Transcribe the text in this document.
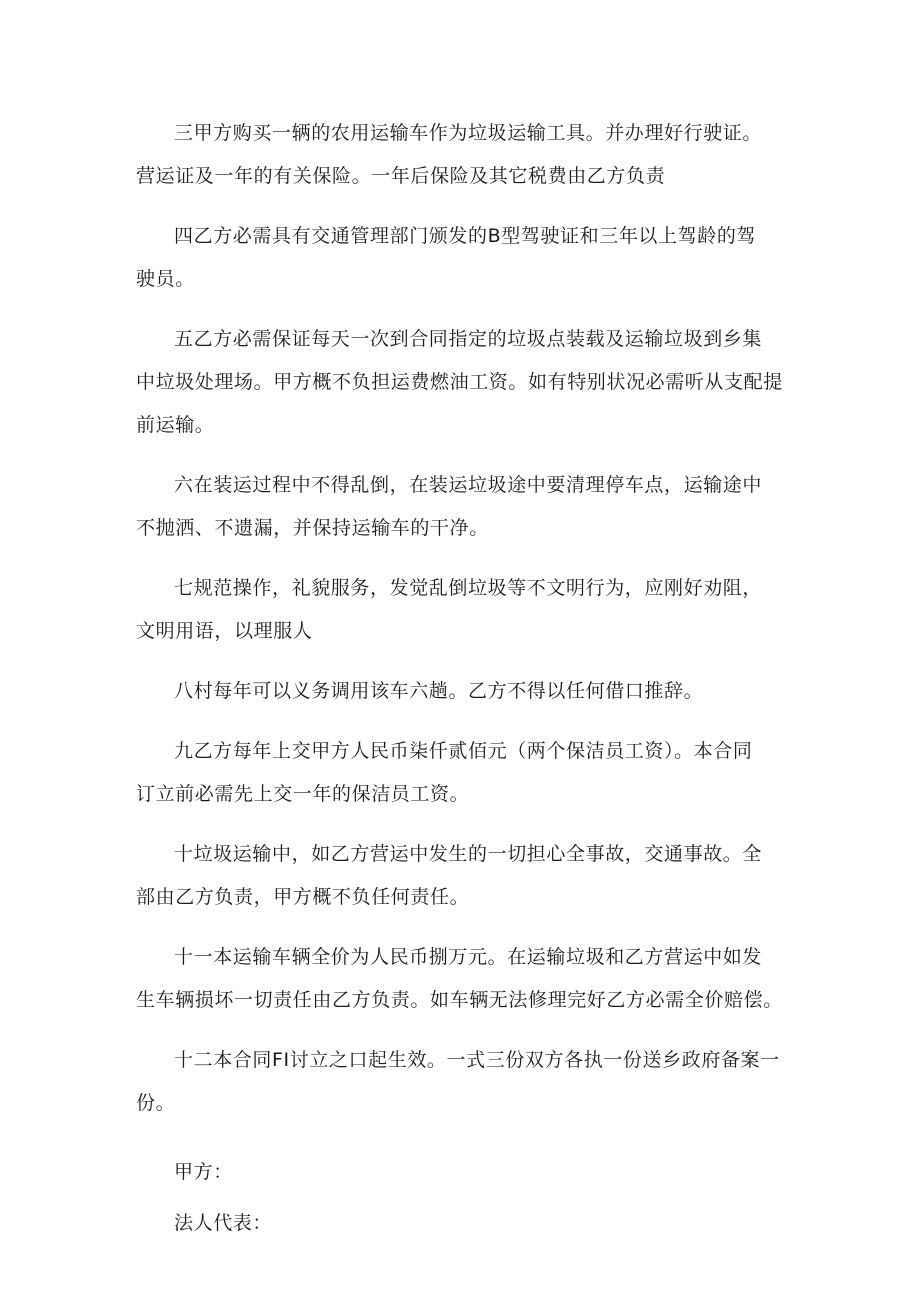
三甲方购买一辆的农用运输车作为垃圾运输工具。并办理好行驶证。
营运证及一年的有关保险。一年后保险及其它税费由乙方负责
四乙方必需具有交通管理部门颁发的B型驾驶证和三年以上驾龄的驾
驶员。
五乙方必需保证每天一次到合同指定的垃圾点装载及运输垃圾到乡集
中垃圾处理场。甲方概不负担运费燃油工资。如有特别状况必需听从支配提
前运输。
六在装运过程中不得乱倒，在装运垃圾途中要清理停车点，运输途中
不抛洒、不遗漏，并保持运输车的干净。
七规范操作，礼貌服务，发觉乱倒垃圾等不文明行为，应刚好劝阻，
文明用语，以理服人
八村每年可以义务调用该车六趟。乙方不得以任何借口推辞。
九乙方每年上交甲方人民币柒仟贰佰元（两个保洁员工资）。本合同
订立前必需先上交一年的保洁员工资。
十垃圾运输中，如乙方营运中发生的一切担心全事故，交通事故。全
部由乙方负责，甲方概不负任何责任。
十一本运输车辆全价为人民币捌万元。在运输垃圾和乙方营运中如发
生车辆损坏一切责任由乙方负责。如车辆无法修理完好乙方必需全价赔偿。
十二本合同FI讨立之口起生效。一式三份双方各执一份送乡政府备案一
份。
甲方：
法人代表：
